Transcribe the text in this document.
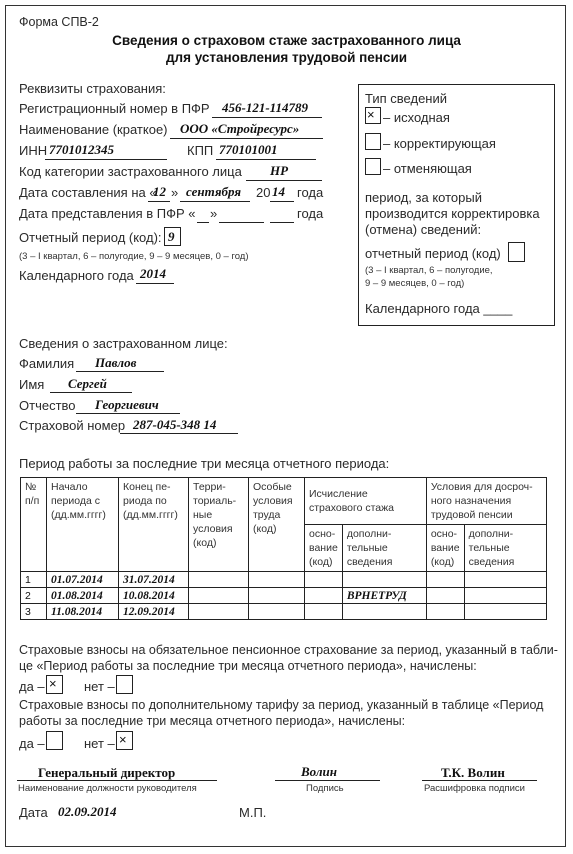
Форма СПВ-2
Сведения о страховом стаже застрахованного лица
для установления трудовой пенсии
Реквизиты страхования:
Регистрационный номер в ПФР 456-121-114789
Наименование (краткое) ООО «Стройресурс»
ИНН 7701012345	КПП 770101001
Код категории застрахованного лица НР
Дата составления на «
12 » сентября 20 14 года
Дата представления в ПФР « »	года
Отчетный период (код): 9
(3 – I квартал, 6 – полугодие, 9 – 9 месяцев, 0 – год)
Календарного года 2014
Тип сведений
× – исходная
– корректирующая
– отменяющая
период, за который
производится корректировка
(отмена) сведений:
отчетный период (код)
(3 – I квартал, 6 – полугодие,
9 – 9 месяцев, 0 – год)
Календарного года ____
Сведения о застрахованном лице:
Фамилия Павлов
Имя Сергей
Отчество Георгиевич
Страховой номер 287-045-348 14
Период работы за последние три месяца отчетного периода:
№
п/п	Начало
периода с
(дд.мм.гггг)	Конец пе-
риода по
(дд.мм.гггг)	Терри-
ториаль-
ные
условия
(код)	Особые
условия
труда
(код)	Исчисление страхового стажа		Условия для досроч-
ного назначения
трудовой пенсии	
					осно-
вание
(код)	дополни-
тельные
сведения	осно-
вание
(код)	дополни-
тельные
сведения
1	01.07.2014	31.07.2014						
2	01.08.2014	10.08.2014				ВРНЕТРУД		
3	11.08.2014	12.09.2014						
Страховые взносы на обязательное пенсионное страхование за период, указанный в табли-
це «Период работы за последние три месяца отчетного периода», начислены:
да – × нет –
Страховые взносы по дополнительному тарифу за период, указанный в таблице «Период
работы за последние три месяца отчетного периода», начислены:
да –	нет – ×
Генеральный директор
Наименование должности руководителя
Волин
Подпись
Т.К. Волин
Расшифровка подписи
Дата 02.09.2014	М.П.
